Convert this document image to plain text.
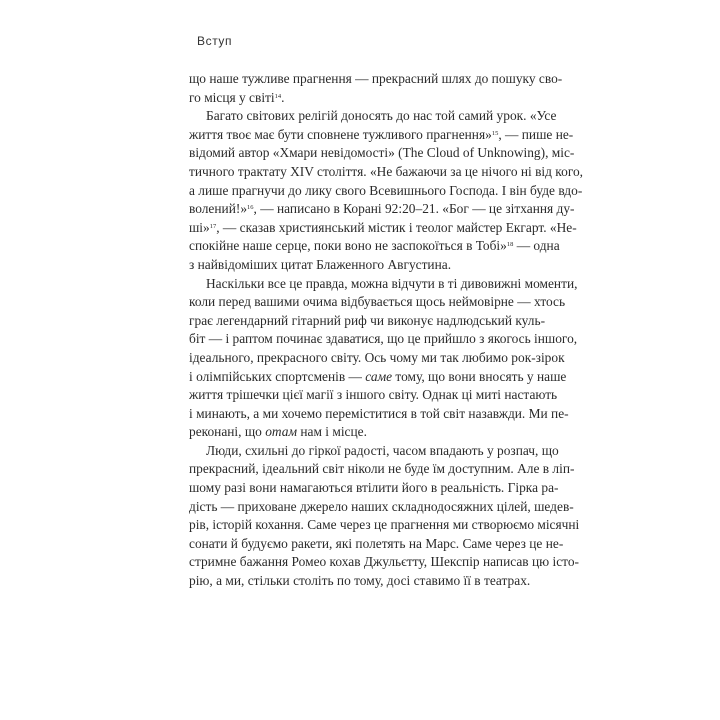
Вступ
що наше тужливе прагнення — прекрасний шлях до пошуку сво-
го місця у світі$^{14}$.
Багато світових релігій доносять до нас той самий урок. «Усе
життя твоє має бути сповнене тужливого прагнення»$^{15}$, — пише не-
відомий автор «Хмари невідомості» (The Cloud of Unknowing), міс-
тичного трактату XIV століття. «Не бажаючи за це нічого ні від кого,
а лише прагнучи до лику свого Всевишнього Господа. І він буде вдо-
волений!»$^{16}$, — написано в Корані 92:20–21. «Бог — це зітхання ду-
ші»$^{17}$, — сказав християнський містик і теолог майстер Екгарт. «Не-
спокійне наше серце, поки воно не заспокоїться в Тобі»$^{18}$ — одна
з найвідоміших цитат Блаженного Августина.
Наскільки все це правда, можна відчути в ті дивовижні моменти,
коли перед вашими очима відбувається щось неймовірне — хтось
грає легендарний гітарний риф чи виконує надлюдський куль-
біт — і раптом починає здаватися, що це прийшло з якогось іншого,
ідеального, прекрасного світу. Ось чому ми так любимо рок-зірок
і олімпійських спортсменів — саме тому, що вони вносять у наше
життя трішечки цієї магії з іншого світу. Однак ці миті настають
і минають, а ми хочемо переміститися в той світ назавжди. Ми пе-
реконані, що отам нам і місце.
Люди, схильні до гіркої радості, часом впадають у розпач, що
прекрасний, ідеальний світ ніколи не буде їм доступним. Але в ліп-
шому разі вони намагаються втілити його в реальність. Гірка ра-
дість — приховане джерело наших складнодосяжних цілей, шедев-
рів, історій кохання. Саме через це прагнення ми створюємо місячні
сонати й будуємо ракети, які полетять на Марс. Саме через це не-
стримне бажання Ромео кохав Джульєтту, Шекспір написав цю істо-
рію, а ми, стільки століть по тому, досі ставимо її в театрах.
